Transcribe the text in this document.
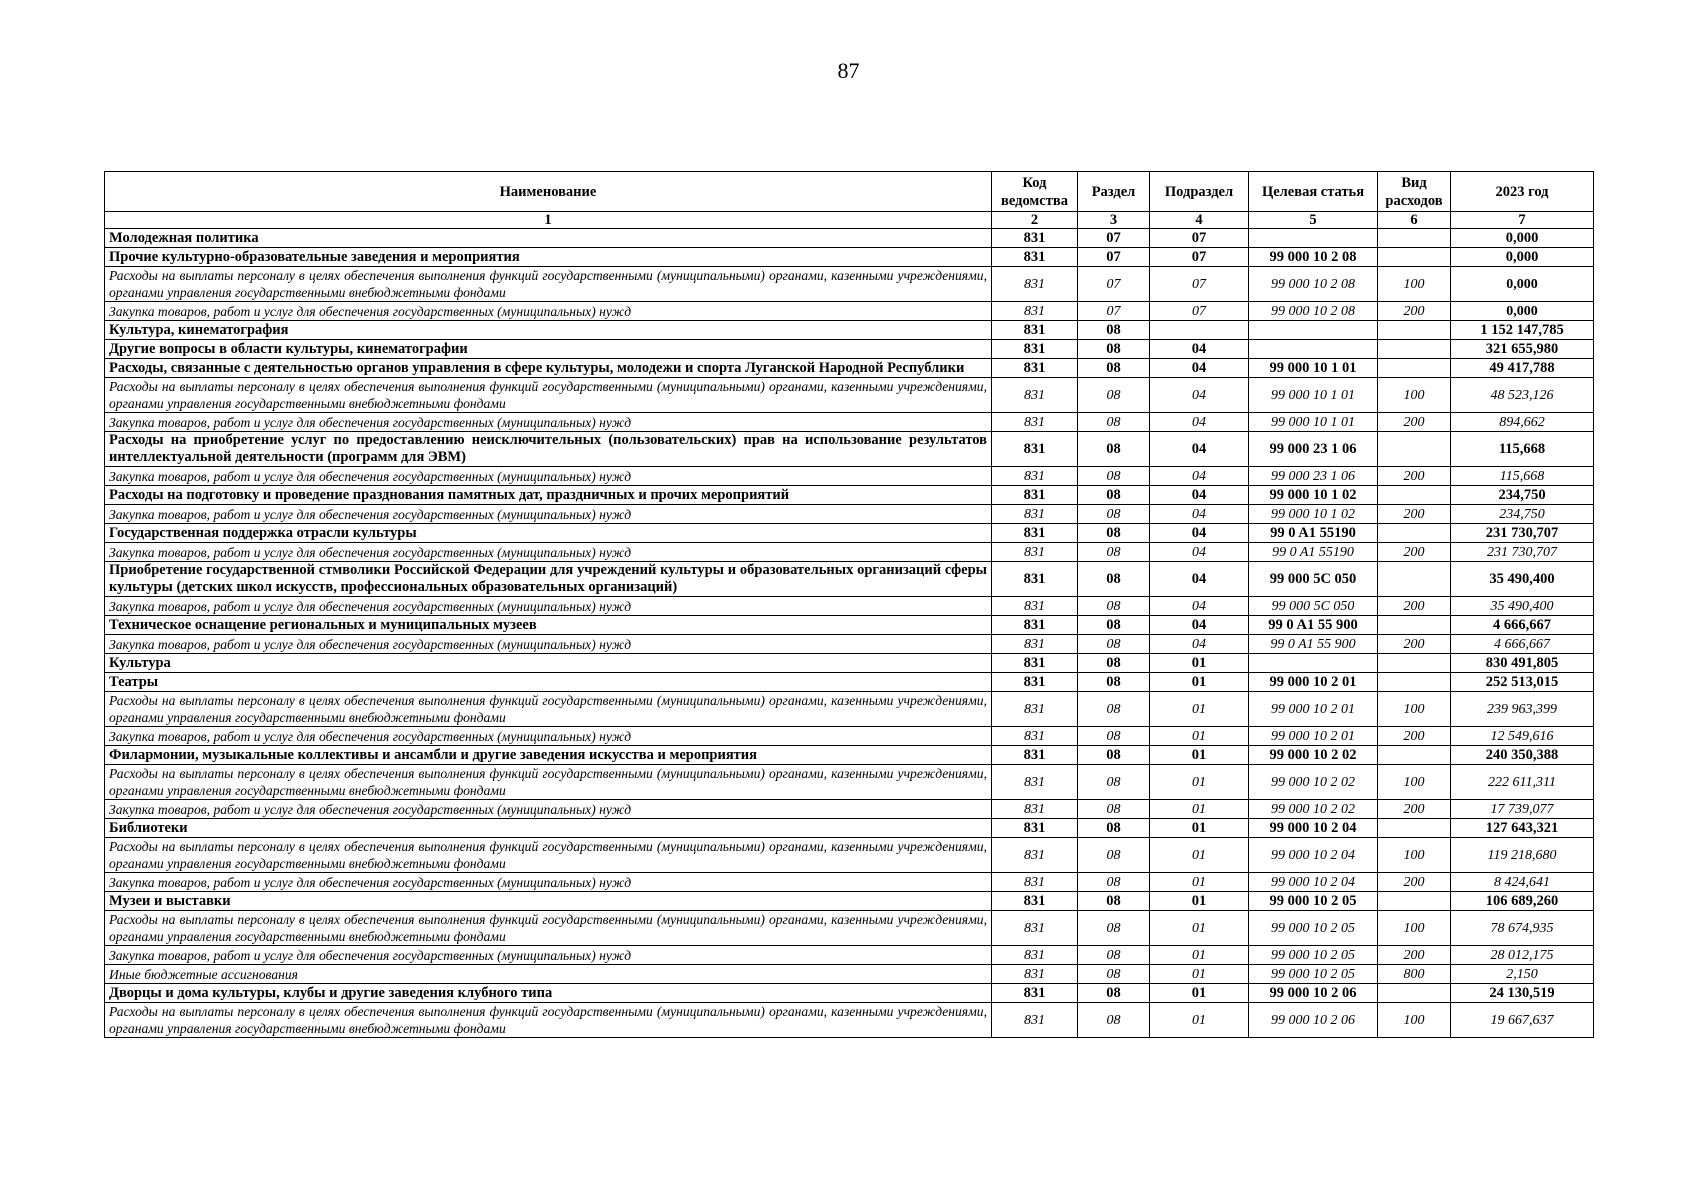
87
Наименование	Код ведомства	Раздел	Подраздел	Целевая статья	Вид расходов	2023 год
1	2	3	4	5	6	7
Молодежная политика	831	07	07			0,000
Прочие культурно-образовательные заведения и мероприятия	831	07	07	99 000 10 2 08		0,000
Расходы на выплаты персоналу в целях обеспечения выполнения функций государственными (муниципальными) органами, казенными учреждениями, органами управления государственными внебюджетными фондами	831	07	07	99 000 10 2 08	100	0,000
Закупка товаров, работ и услуг для обеспечения государственных (муниципальных) нужд	831	07	07	99 000 10 2 08	200	0,000
Культура, кинематография	831	08				1 152 147,785
Другие вопросы в области культуры, кинематографии	831	08	04			321 655,980
Расходы, связанные с деятельностью органов управления в сфере культуры, молодежи и спорта Луганской Народной Республики	831	08	04	99 000 10 1 01		49 417,788
Расходы на выплаты персоналу в целях обеспечения выполнения функций государственными (муниципальными) органами, казенными учреждениями, органами управления государственными внебюджетными фондами	831	08	04	99 000 10 1 01	100	48 523,126
Закупка товаров, работ и услуг для обеспечения государственных (муниципальных) нужд	831	08	04	99 000 10 1 01	200	894,662
Расходы на приобретение услуг по предоставлению неисключительных (пользовательских) прав на использование результатов интеллектуальной деятельности (программ для ЭВМ)	831	08	04	99 000 23 1 06		115,668
Закупка товаров, работ и услуг для обеспечения государственных (муниципальных) нужд	831	08	04	99 000 23 1 06	200	115,668
Расходы на подготовку и проведение празднования памятных дат, праздничных и прочих мероприятий	831	08	04	99 000 10 1 02		234,750
Закупка товаров, работ и услуг для обеспечения государственных (муниципальных) нужд	831	08	04	99 000 10 1 02	200	234,750
Государственная поддержка отрасли культуры	831	08	04	99 0 A1 55190		231 730,707
Закупка товаров, работ и услуг для обеспечения государственных (муниципальных) нужд	831	08	04	99 0 A1 55190	200	231 730,707
Приобретение государственной стмволики Российской Федерации для учреждений культуры и образовательных организаций сферы культуры (детских школ искусств, профессиональных образовательных организаций)	831	08	04	99 000 5C 050		35 490,400
Закупка товаров, работ и услуг для обеспечения государственных (муниципальных) нужд	831	08	04	99 000 5C 050	200	35 490,400
Техническое оснащение региональных и муниципальных музеев	831	08	04	99 0 A1 55 900		4 666,667
Закупка товаров, работ и услуг для обеспечения государственных (муниципальных) нужд	831	08	04	99 0 A1 55 900	200	4 666,667
Культура	831	08	01			830 491,805
Театры	831	08	01	99 000 10 2 01		252 513,015
Расходы на выплаты персоналу в целях обеспечения выполнения функций государственными (муниципальными) органами, казенными учреждениями, органами управления государственными внебюджетными фондами	831	08	01	99 000 10 2 01	100	239 963,399
Закупка товаров, работ и услуг для обеспечения государственных (муниципальных) нужд	831	08	01	99 000 10 2 01	200	12 549,616
Филармонии, музыкальные коллективы и ансамбли и другие заведения искусства и мероприятия	831	08	01	99 000 10 2 02		240 350,388
Расходы на выплаты персоналу в целях обеспечения выполнения функций государственными (муниципальными) органами, казенными учреждениями, органами управления государственными внебюджетными фондами	831	08	01	99 000 10 2 02	100	222 611,311
Закупка товаров, работ и услуг для обеспечения государственных (муниципальных) нужд	831	08	01	99 000 10 2 02	200	17 739,077
Библиотеки	831	08	01	99 000 10 2 04		127 643,321
Расходы на выплаты персоналу в целях обеспечения выполнения функций государственными (муниципальными) органами, казенными учреждениями, органами управления государственными внебюджетными фондами	831	08	01	99 000 10 2 04	100	119 218,680
Закупка товаров, работ и услуг для обеспечения государственных (муниципальных) нужд	831	08	01	99 000 10 2 04	200	8 424,641
Музеи и выставки	831	08	01	99 000 10 2 05		106 689,260
Расходы на выплаты персоналу в целях обеспечения выполнения функций государственными (муниципальными) органами, казенными учреждениями, органами управления государственными внебюджетными фондами	831	08	01	99 000 10 2 05	100	78 674,935
Закупка товаров, работ и услуг для обеспечения государственных (муниципальных) нужд	831	08	01	99 000 10 2 05	200	28 012,175
Иные бюджетные ассигнования	831	08	01	99 000 10 2 05	800	2,150
Дворцы и дома культуры, клубы и другие заведения клубного типа	831	08	01	99 000 10 2 06		24 130,519
Расходы на выплаты персоналу в целях обеспечения выполнения функций государственными (муниципальными) органами, казенными учреждениями, органами управления государственными внебюджетными фондами	831	08	01	99 000 10 2 06	100	19 667,637
